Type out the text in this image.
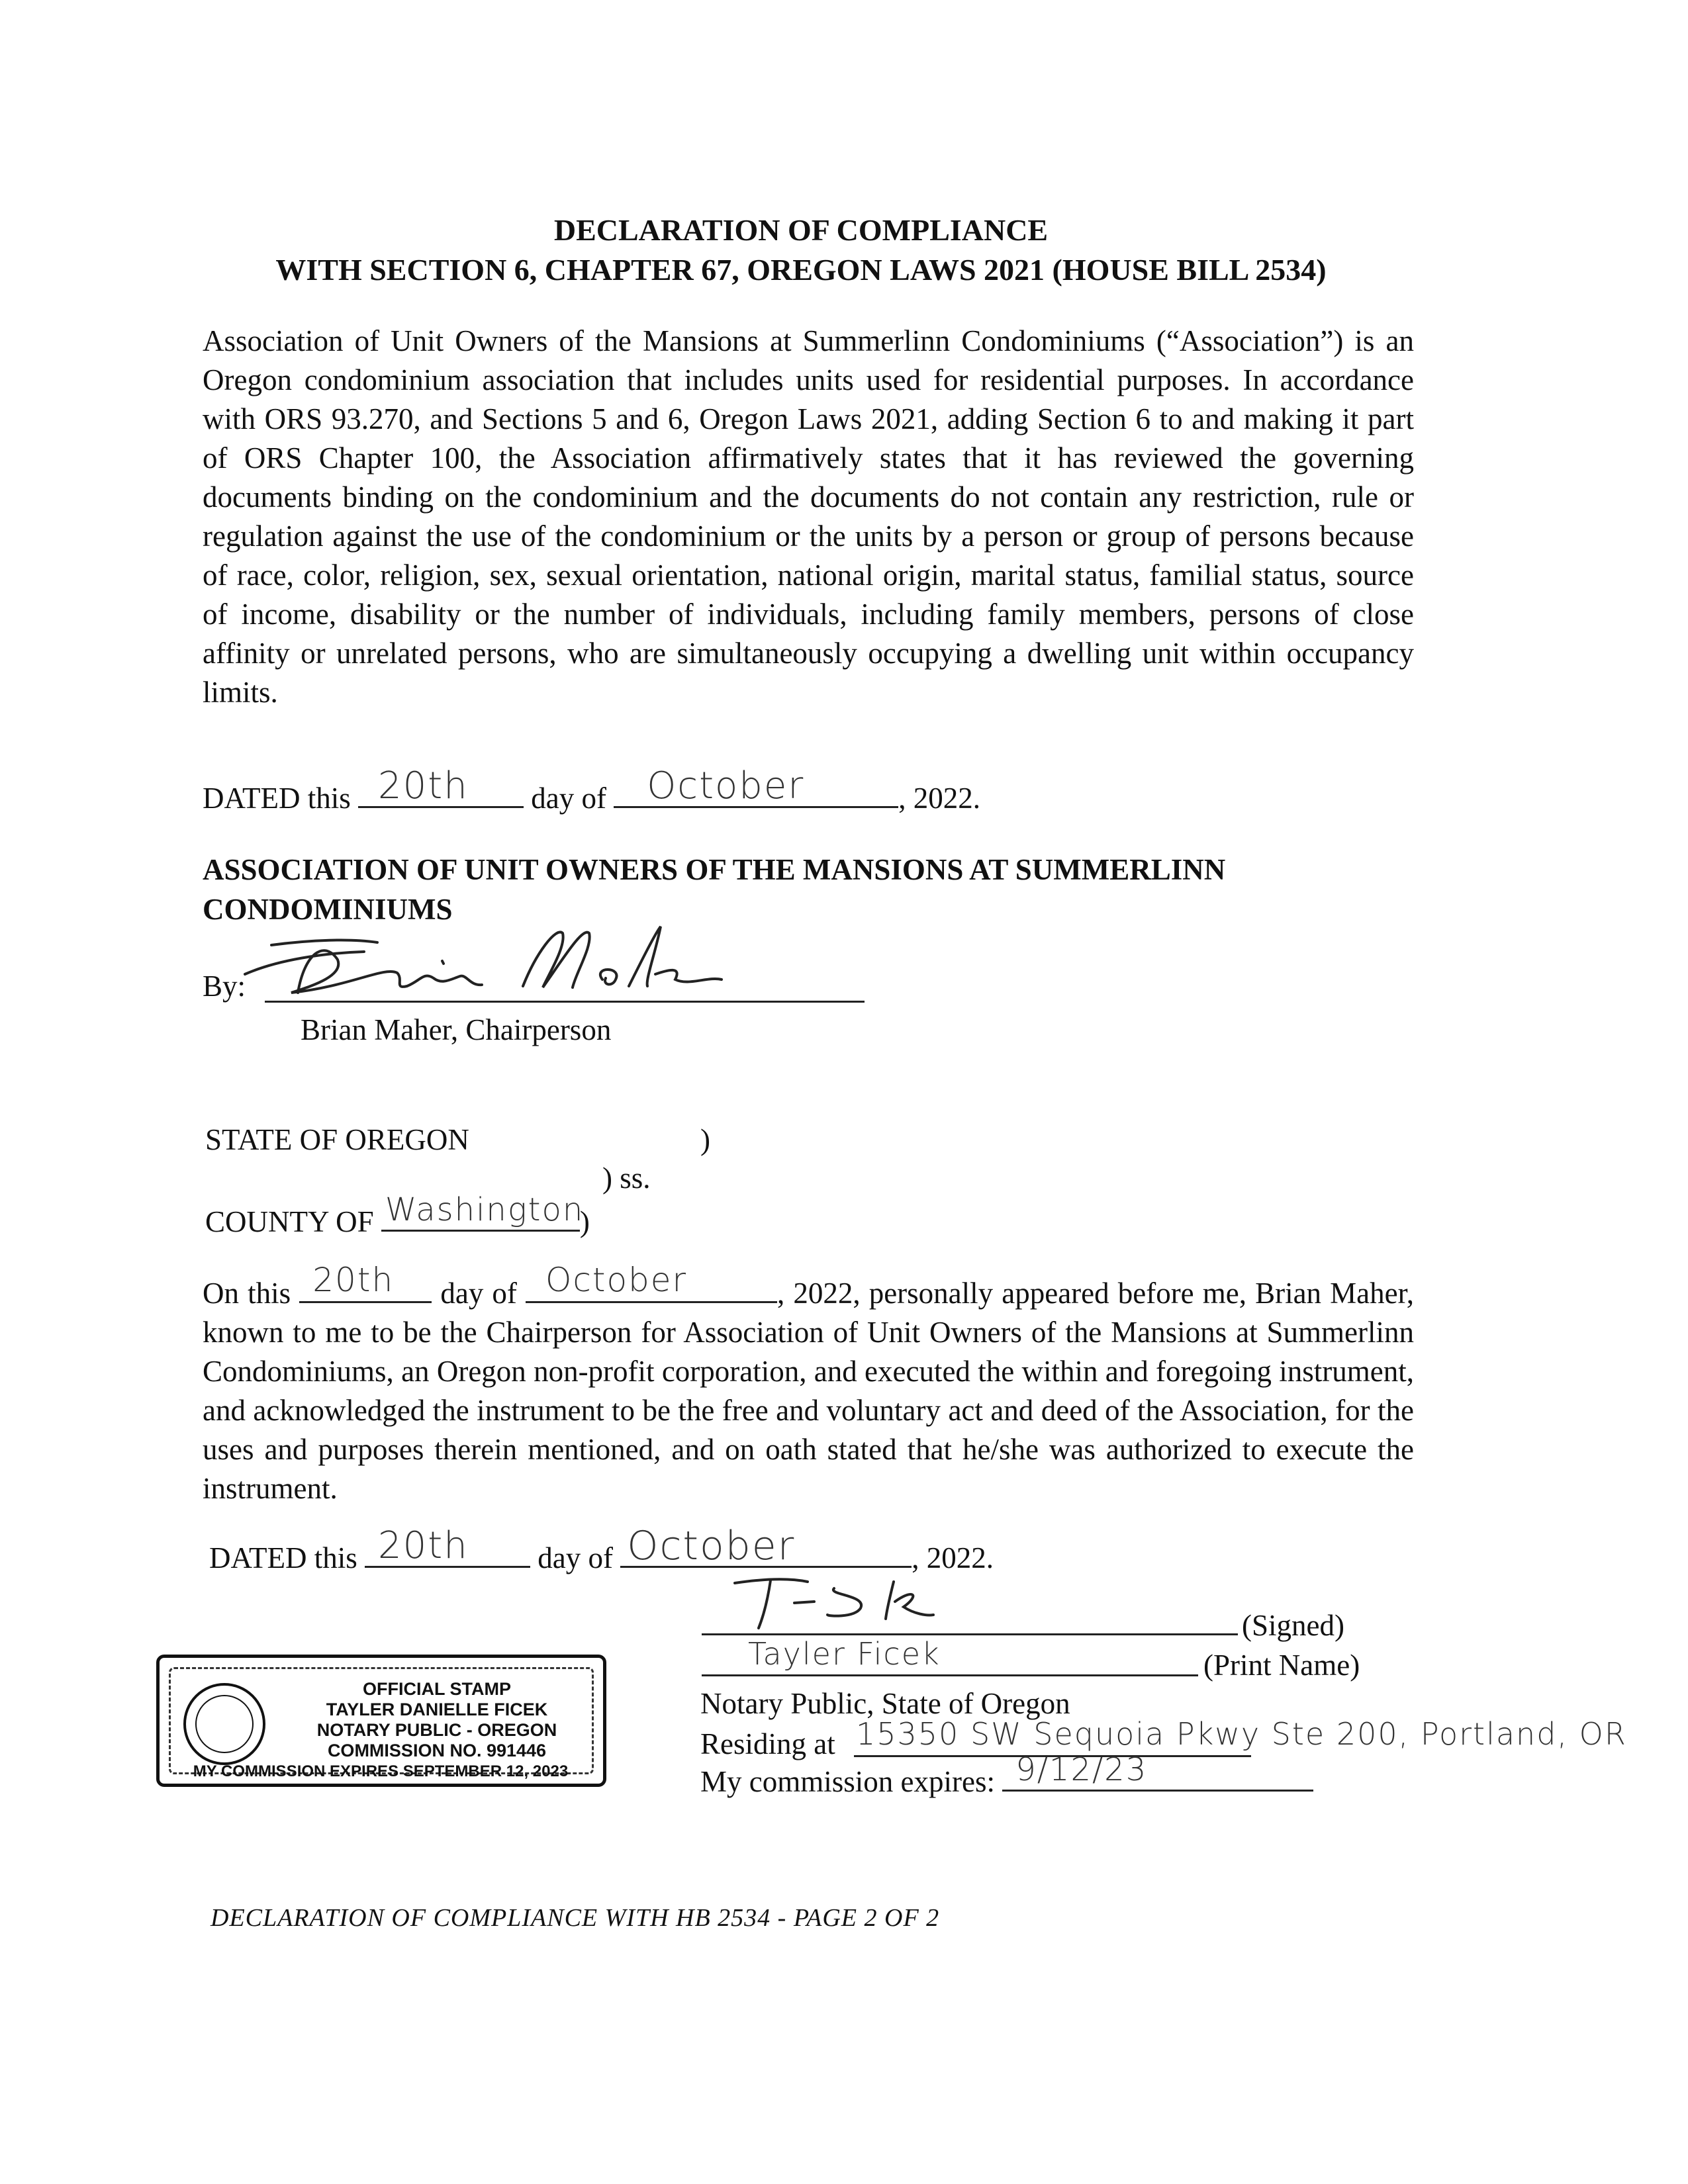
DECLARATION OF COMPLIANCE
WITH SECTION 6, CHAPTER 67, OREGON LAWS 2021 (HOUSE BILL 2534)
Association of Unit Owners of the Mansions at Summerlinn Condominiums (“Association”) is an Oregon condominium association that includes units used for residential purposes. In accordance with ORS 93.270, and Sections 5 and 6, Oregon Laws 2021, adding Section 6 to and making it part of ORS Chapter 100, the Association affirmatively states that it has reviewed the governing documents binding on the condominium and the documents do not contain any restriction, rule or regulation against the use of the condominium or the units by a person or group of persons because of race, color, religion, sex, sexual orientation, national origin, marital status, familial status, source of income, disability or the number of individuals, including family members, persons of close affinity or unrelated persons, who are simultaneously occupying a dwelling unit within occupancy limits.
DATED this 20th day of October	, 2022.
ASSOCIATION OF UNIT OWNERS OF THE MANSIONS AT SUMMERLINN
CONDOMINIUMS
By:
Brian Maher, Chairperson
STATE OF OREGON	)
) ss.
COUNTY OF Washington
)
On this 20th day of October	, 2022, personally appeared before me, Brian Maher, known to me to be the Chairperson for Association of Unit Owners of the Mansions at Summerlinn Condominiums, an Oregon non-profit corporation, and executed the within and foregoing instrument, and acknowledged the instrument to be the free and voluntary act and deed of the Association, for the uses and purposes therein mentioned, and on oath stated that he/she was authorized to execute the instrument.
DATED this 20th day of October	, 2022.
OFFICIAL STAMP
TAYLER DANIELLE FICEK
NOTARY PUBLIC - OREGON
COMMISSION NO. 991446
MY COMMISSION EXPIRES SEPTEMBER 12, 2023
(Signed)
Tayler Ficek	(Print Name)
Notary Public, State of Oregon
Residing at 15350 SW Sequoia Pkwy Ste 200, Portland, OR
My commission expires: 9/12/23
DECLARATION OF COMPLIANCE WITH HB 2534 - PAGE 2 OF 2
